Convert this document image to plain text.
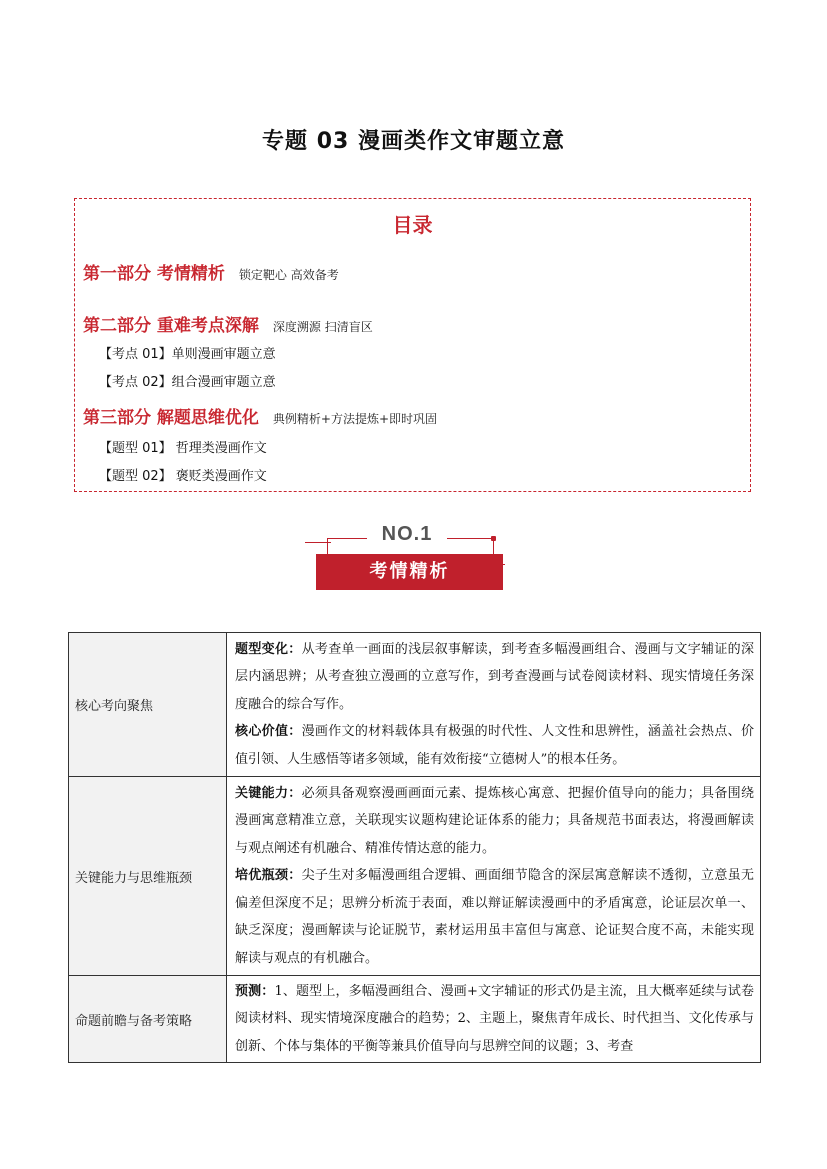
专题 03 漫画类作文审题立意
目录
第一部分 考情精析 锁定靶心 高效备考
第二部分 重难考点深解 深度溯源 扫清盲区
【考点 01】单则漫画审题立意
【考点 02】组合漫画审题立意
第三部分 解题思维优化 典例精析+方法提炼+即时巩固
【题型 01】 哲理类漫画作文
【题型 02】 褒贬类漫画作文
NO.1
考情精析
核心考向聚焦	题型变化：从考查单一画面的浅层叙事解读，到考查多幅漫画组合、漫画与文字辅证的深层内涵思辨；从考查独立漫画的立意写作，到考查漫画与试卷阅读材料、现实情境任务深度融合的综合写作。
核心价值：漫画作文的材料载体具有极强的时代性、人文性和思辨性，涵盖社会热点、价值引领、人生感悟等诸多领域，能有效衔接“立德树人”的根本任务。

关键能力与思维瓶颈	关键能力：必须具备观察漫画画面元素、提炼核心寓意、把握价值导向的能力；具备围绕漫画寓意精准立意，关联现实议题构建论证体系的能力；具备规范书面表达，将漫画解读与观点阐述有机融合、精准传情达意的能力。
培优瓶颈：尖子生对多幅漫画组合逻辑、画面细节隐含的深层寓意解读不透彻，立意虽无偏差但深度不足；思辨分析流于表面，难以辩证解读漫画中的矛盾寓意，论证层次单一、缺乏深度；漫画解读与论证脱节，素材运用虽丰富但与寓意、论证契合度不高，未能实现解读与观点的有机融合。

命题前瞻与备考策略	预测：1、题型上，多幅漫画组合、漫画+文字辅证的形式仍是主流，且大概率延续与试卷阅读材料、现实情境深度融合的趋势；2、主题上，聚焦青年成长、时代担当、文化传承与创新、个体与集体的平衡等兼具价值导向与思辨空间的议题；3、考查
